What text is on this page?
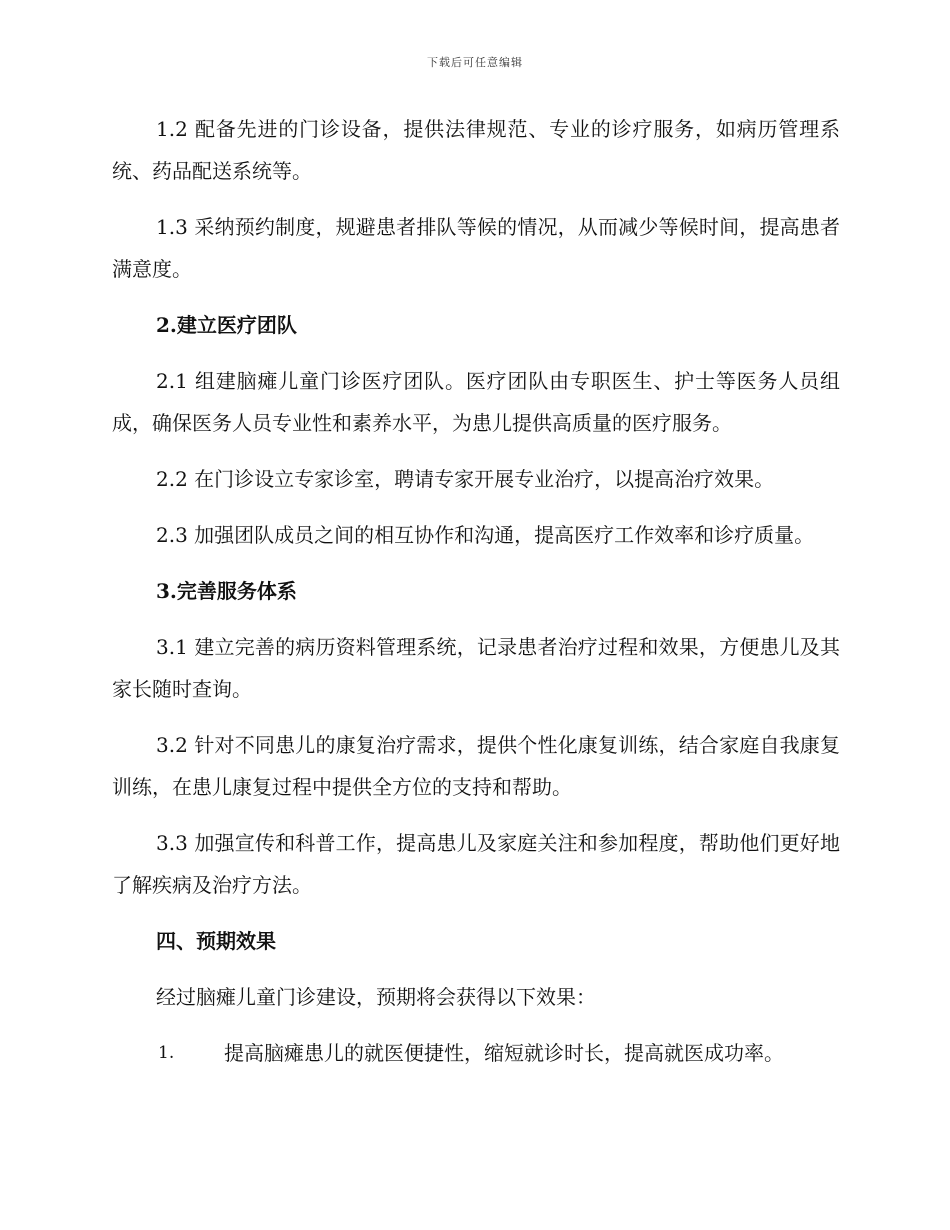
下载后可任意编辑

1.2 配备先进的门诊设备，提供法律规范、专业的诊疗服务，如病历管理系统、药品配送系统等。

1.3 采纳预约制度，规避患者排队等候的情况，从而减少等候时间，提高患者满意度。

2.建立医疗团队

2.1 组建脑瘫儿童门诊医疗团队。医疗团队由专职医生、护士等医务人员组成，确保医务人员专业性和素养水平，为患儿提供高质量的医疗服务。

2.2 在门诊设立专家诊室，聘请专家开展专业治疗，以提高治疗效果。

2.3 加强团队成员之间的相互协作和沟通，提高医疗工作效率和诊疗质量。

3.完善服务体系

3.1 建立完善的病历资料管理系统，记录患者治疗过程和效果，方便患儿及其家长随时查询。

3.2 针对不同患儿的康复治疗需求，提供个性化康复训练，结合家庭自我康复训练，在患儿康复过程中提供全方位的支持和帮助。

3.3 加强宣传和科普工作，提高患儿及家庭关注和参加程度，帮助他们更好地了解疾病及治疗方法。

四、预期效果

经过脑瘫儿童门诊建设，预期将会获得以下效果：

1. 提高脑瘫患儿的就医便捷性，缩短就诊时长，提高就医成功率。
